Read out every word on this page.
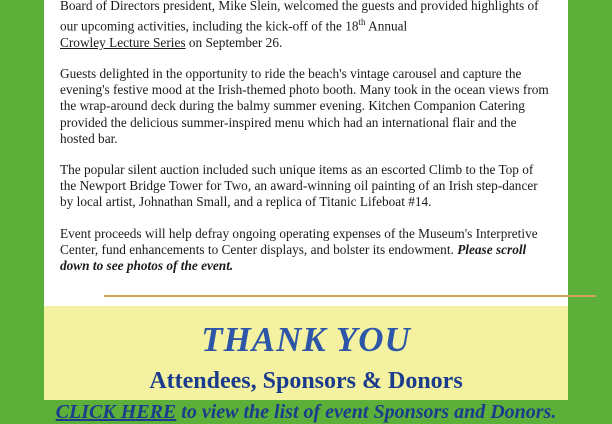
Board of Directors president, Mike Slein, welcomed the guests and provided highlights of our upcoming activities, including the kick-off of the 18th Annual
Crowley Lecture Series on September 26.

Guests delighted in the opportunity to ride the beach's vintage carousel and capture the evening's festive mood at the Irish-themed photo booth. Many took in the ocean views from the wrap-around deck during the balmy summer evening. Kitchen Companion Catering provided the delicious summer-inspired menu which had an international flair and the hosted bar.

The popular silent auction included such unique items as an escorted Climb to the Top of the Newport Bridge Tower for Two, an award-winning oil painting of an Irish step-dancer by local artist, Johnathan Small, and a replica of Titanic Lifeboat #14.

Event proceeds will help defray ongoing operating expenses of the Museum's Interpretive Center, fund enhancements to Center displays, and bolster its endowment. Please scroll down to see photos of the event.

THANK YOU
Attendees, Sponsors & Donors
CLICK HERE to view the list of event Sponsors and Donors.
